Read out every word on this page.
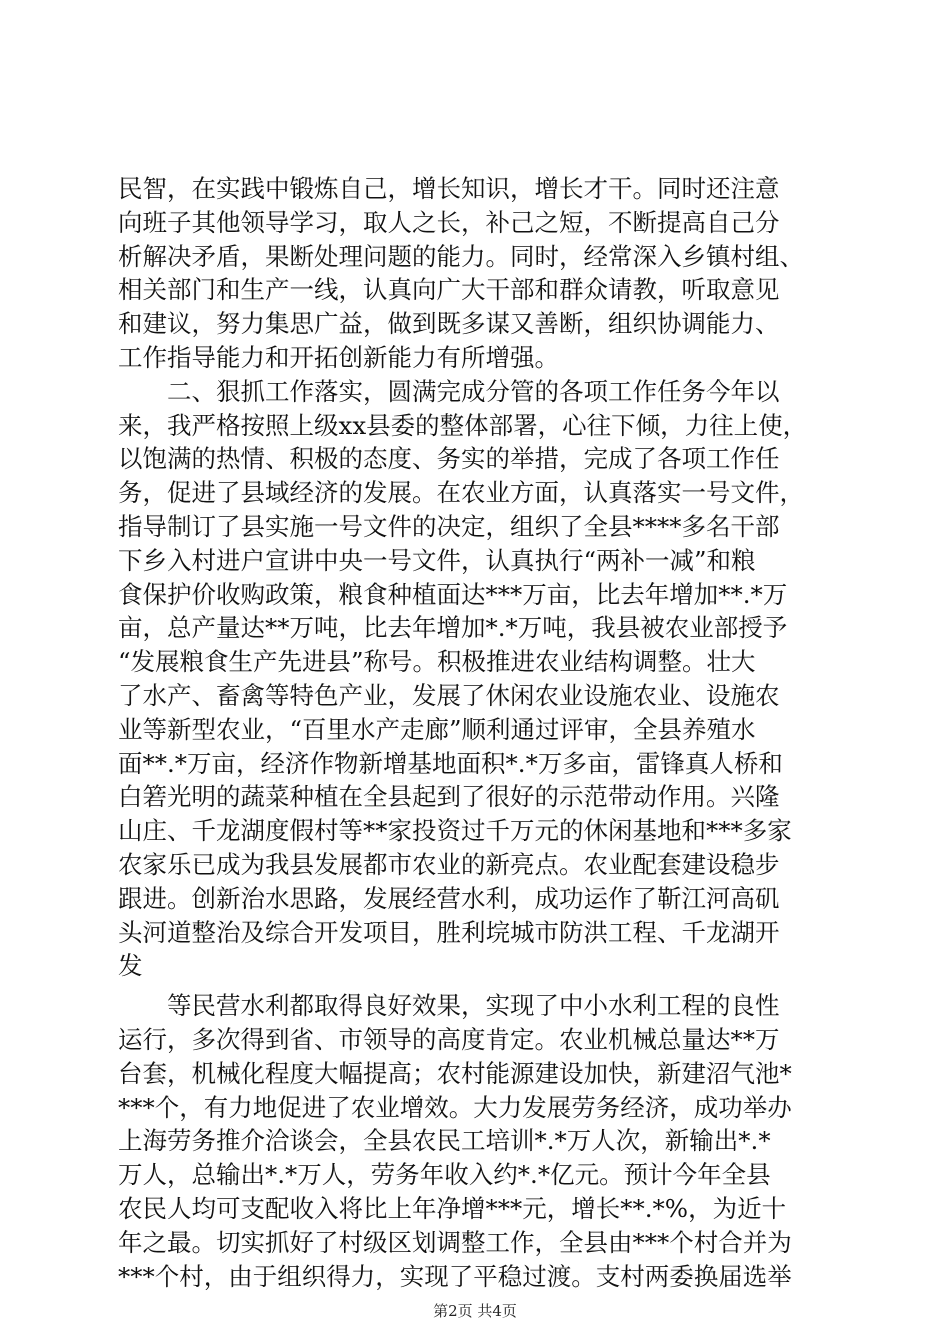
民智，在实践中锻炼自己，增长知识，增长才干。同时还注意
向班子其他领导学习，取人之长，补己之短，不断提高自己分
析解决矛盾，果断处理问题的能力。同时，经常深入乡镇村组、
相关部门和生产一线，认真向广大干部和群众请教，听取意见
和建议，努力集思广益，做到既多谋又善断，组织协调能力、
工作指导能力和开拓创新能力有所增强。
　　二、狠抓工作落实，圆满完成分管的各项工作任务今年以
来，我严格按照上级xx县委的整体部署，心往下倾，力往上使，
以饱满的热情、积极的态度、务实的举措，完成了各项工作任
务，促进了县域经济的发展。在农业方面，认真落实一号文件，
指导制订了县实施一号文件的决定，组织了全县****多名干部
下乡入村进户宣讲中央一号文件，认真执行“两补一减”和粮
食保护价收购政策，粮食种植面达***万亩，比去年增加**.*万
亩，总产量达**万吨，比去年增加*.*万吨，我县被农业部授予
“发展粮食生产先进县”称号。积极推进农业结构调整。壮大
了水产、畜禽等特色产业，发展了休闲农业设施农业、设施农
业等新型农业，“百里水产走廊”顺利通过评审，全县养殖水
面**.*万亩，经济作物新增基地面积*.*万多亩，雷锋真人桥和
白箬光明的蔬菜种植在全县起到了很好的示范带动作用。兴隆
山庄、千龙湖度假村等**家投资过千万元的休闲基地和***多家
农家乐已成为我县发展都市农业的新亮点。农业配套建设稳步
跟进。创新治水思路，发展经营水利，成功运作了靳江河高矶
头河道整治及综合开发项目，胜利垸城市防洪工程、千龙湖开
发
　　等民营水利都取得良好效果，实现了中小水利工程的良性
运行，多次得到省、市领导的高度肯定。农业机械总量达**万
台套，机械化程度大幅提高；农村能源建设加快，新建沼气池*
***个，有力地促进了农业增效。大力发展劳务经济，成功举办
上海劳务推介洽谈会，全县农民工培训*.*万人次，新输出*.*
万人，总输出*.*万人，劳务年收入约*.*亿元。预计今年全县
农民人均可支配收入将比上年净增***元，增长**.*%，为近十
年之最。切实抓好了村级区划调整工作，全县由***个村合并为
***个村，由于组织得力，实现了平稳过渡。支村两委换届选举
第2页 共4页
